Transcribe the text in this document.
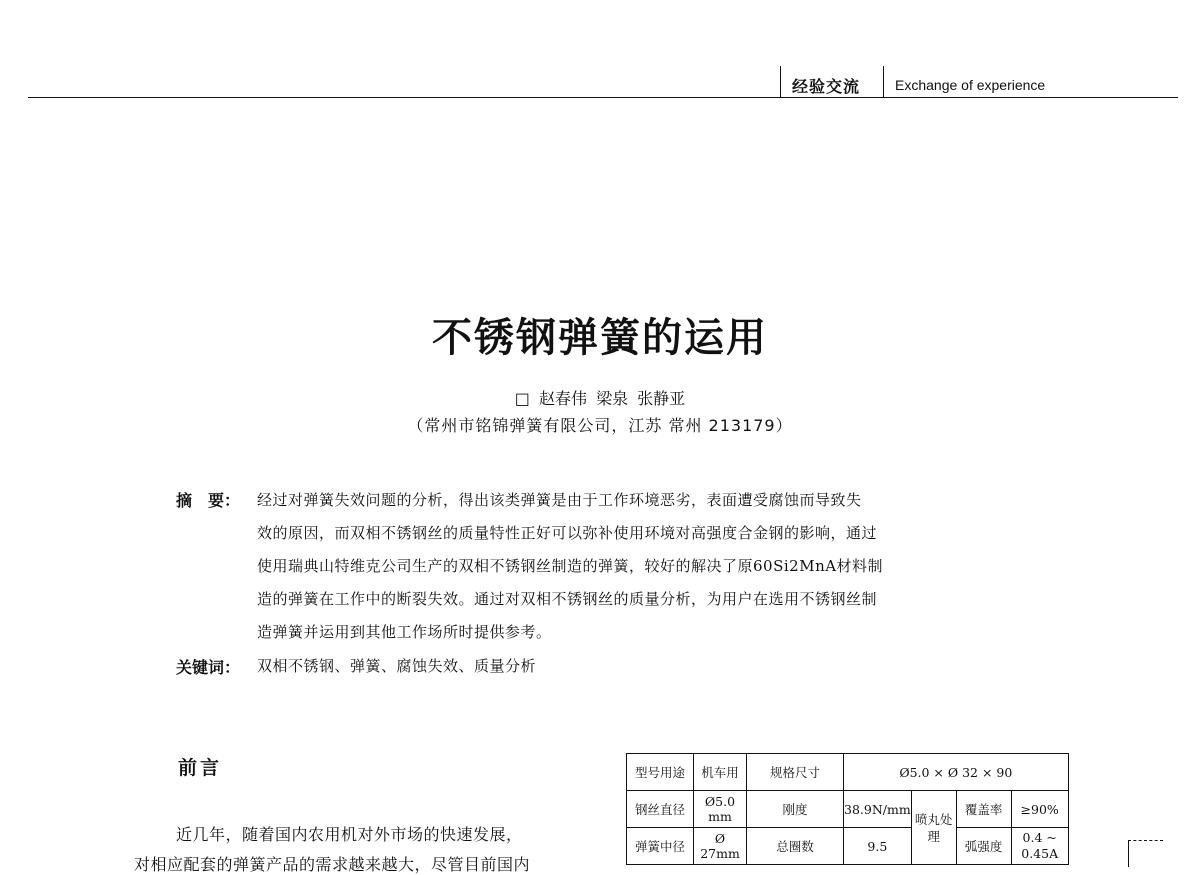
经验交流 Exchange of experience
不锈钢弹簧的运用
□ 赵春伟 梁泉 张静亚
（常州市铭锦弹簧有限公司，江苏 常州 213179）
摘　要： 经过对弹簧失效问题的分析，得出该类弹簧是由于工作环境恶劣，表面遭受腐蚀而导致失
效的原因，而双相不锈钢丝的质量特性正好可以弥补使用环境对高强度合金钢的影响，通过
使用瑞典山特维克公司生产的双相不锈钢丝制造的弹簧，较好的解决了原60Si2MnA材料制
造的弹簧在工作中的断裂失效。通过对双相不锈钢丝的质量分析，为用户在选用不锈钢丝制
造弹簧并运用到其他工作场所时提供参考。
关键词： 双相不锈钢、弹簧、腐蚀失效、质量分析
前言
近几年，随着国内农用机对外市场的快速发展，
对相应配套的弹簧产品的需求越来越大，尽管目前国内
型号用途	机车用	规格尺寸	Ø5.0 × Ø 32 × 90			
钢丝直径	Ø5.0 mm	刚度	38.9N/mm	喷丸处理	覆盖率	≥90%
弹簧中径	Ø 27mm	总圈数	9.5		弧强度	0.4 ~ 0.45A
